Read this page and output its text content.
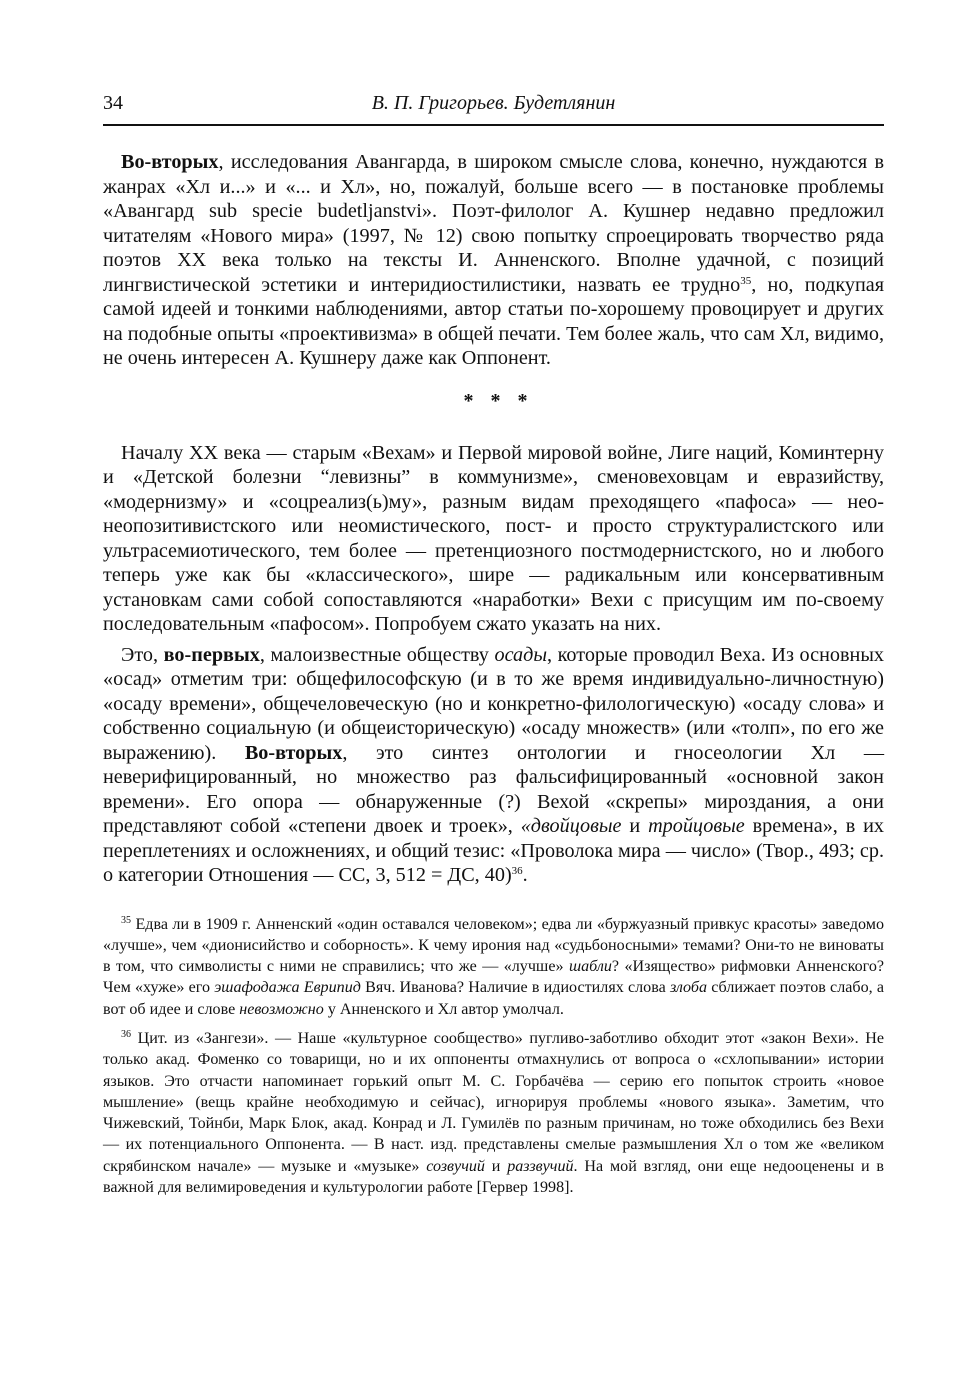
34	В. П. Григорьев. Будетлянин

Во-вторых, исследования Авангарда, в широком смысле слова, конечно, нуждаются в жанрах «Хл и...» и «... и Хл», но, пожалуй, больше всего — в постановке проблемы «Авангард sub specie budetljanstvi». Поэт-филолог А. Кушнер недавно предложил читателям «Нового мира» (1997, № 12) свою попытку спроецировать творчество ряда поэтов XX века только на тексты И. Анненского. Вполне удачной, с позиций лингвистической эстетики и интеридиостилистики, назвать ее трудно$^{35}$, но, подкупая самой идеей и тонкими наблюдениями, автор статьи по-хорошему провоцирует и других на подобные опыты «проективизма» в общей печати. Тем более жаль, что сам Хл, видимо, не очень интересен А. Кушнеру даже как Оппонент.

* * *

Началу XX века — старым «Вехам» и Первой мировой войне, Лиге наций, Коминтерну и «Детской болезни “левизны” в коммунизме», сменовеховцам и евразийству, «модернизму» и «соцреализ(ь)му», разным видам преходящего «пафоса» — нео-неопозитивистского или неомистического, пост- и просто структуралистского или ультрасемиотического, тем более — претенциозного постмодернистского, но и любого теперь уже как бы «классического», шире — радикальным или консервативным установкам сами собой сопоставляются «наработки» Вехи с присущим им по-своему последовательным «пафосом». Попробуем сжато указать на них.

Это, во-первых, малоизвестные обществу осады, которые проводил Веха. Из основных «осад» отметим три: общефилософскую (и в то же время индивидуально-личностную) «осаду времени», общечеловеческую (но и конкретно-филологическую) «осаду слова» и собственно социальную (и общеисторическую) «осаду множеств» (или «толп», по его же выражению). Во-вторых, это синтез онтологии и гносеологии Хл — неверифицированный, но множество раз фальсифицированный «основной закон времени». Его опора — обнаруженные (?) Вехой «скрепы» мироздания, а они представляют собой «степени двоек и троек», «двойцовые и тройцовые времена», в их переплетениях и осложнениях, и общий тезис: «Проволока мира — число» (Твор., 493; ср. о категории Отношения — СС, 3, 512 = ДС, 40)$^{36}$.

$^{35}$ Едва ли в 1909 г. Анненский «один оставался человеком»; едва ли «буржуазный привкус красоты» заведомо «лучше», чем «дионисийство и соборность». К чему ирония над «судьбоносными» темами? Они-то не виноваты в том, что символисты с ними не справились; что же — «лучше» шабли? «Изящество» рифмовки Анненского? Чем «хуже» его эшафодажа Еврипид Вяч. Иванова? Наличие в идиостилях слова злоба сближает поэтов слабо, а вот об идее и слове невозможно у Анненского и Хл автор умолчал.

$^{36}$ Цит. из «Зангези». — Наше «культурное сообщество» пугливо-заботливо обходит этот «закон Вехи». Не только акад. Фоменко со товарищи, но и их оппоненты отмахнулись от вопроса о «схлопывании» истории языков. Это отчасти напоминает горький опыт М. С. Горбачёва — серию его попыток строить «новое мышление» (вещь крайне необходимую и сейчас), игнорируя проблемы «нового языка». Заметим, что Чижевский, Тойнби, Марк Блок, акад. Конрад и Л. Гумилёв по разным причинам, но тоже обходились без Вехи — их потенциального Оппонента. — В наст. изд. представлены смелые размышления Хл о том же «великом скрябинском начале» — музыке и «музыке» созвучий и раззвучий. На мой взгляд, они еще недооценены и в важной для велимироведения и культурологии работе [Гервер 1998].
